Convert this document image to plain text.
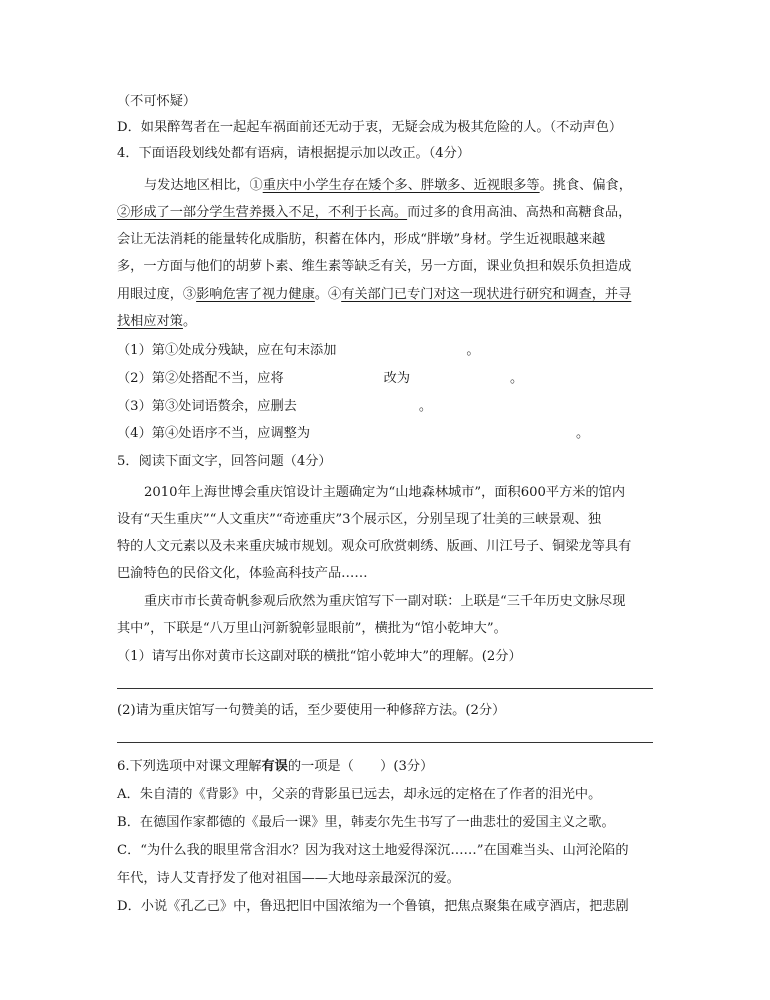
（不可怀疑）
D．如果醉驾者在一起起车祸面前还无动于衷，无疑会成为极其危险的人。（不动声色）
4．下面语段划线处都有语病，请根据提示加以改正。（4分）
与发达地区相比，①重庆中小学生存在矮个多、胖墩多、近视眼多等。挑食、偏食，
②形成了一部分学生营养摄入不足，不利于长高。而过多的食用高油、高热和高糖食品，
会让无法消耗的能量转化成脂肪，积蓄在体内，形成“胖墩”身材。学生近视眼越来越
多，一方面与他们的胡萝卜素、维生素等缺乏有关，另一方面，课业负担和娱乐负担造成
用眼过度，③影响危害了视力健康。④有关部门已专门对这一现状进行研究和调查，并寻
找相应对策。
（1）第①处成分残缺，应在句末添加	。
（2）第②处搭配不当，应将	改为	。
（3）第③处词语赘余，应删去	。
（4）第④处语序不当，应调整为	。
5．阅读下面文字，回答问题（4分）
2010年上海世博会重庆馆设计主题确定为“山地森林城市”，面积600平方米的馆内
设有“天生重庆”“人文重庆”“奇迹重庆”3个展示区，分别呈现了壮美的三峡景观、独
特的人文元素以及未来重庆城市规划。观众可欣赏刺绣、版画、川江号子、铜梁龙等具有
巴渝特色的民俗文化，体验高科技产品……
重庆市市长黄奇帆参观后欣然为重庆馆写下一副对联：上联是“三千年历史文脉尽现
其中”，下联是“八万里山河新貌彰显眼前”，横批为“馆小乾坤大”。
（1）请写出你对黄市长这副对联的横批“馆小乾坤大”的理解。(2分）
(2)请为重庆馆写一句赞美的话，至少要使用一种修辞方法。(2分）
6.下列选项中对课文理解有误的一项是（　　）(3分）
A．朱自清的《背影》中，父亲的背影虽已远去，却永远的定格在了作者的泪光中。
B．在德国作家都德的《最后一课》里，韩麦尔先生书写了一曲悲壮的爱国主义之歌。
C．“为什么我的眼里常含泪水？因为我对这土地爱得深沉……”在国难当头、山河沦陷的
年代，诗人艾青抒发了他对祖国——大地母亲最深沉的爱。
D．小说《孔乙己》中，鲁迅把旧中国浓缩为一个鲁镇，把焦点聚集在咸亨酒店，把悲剧
